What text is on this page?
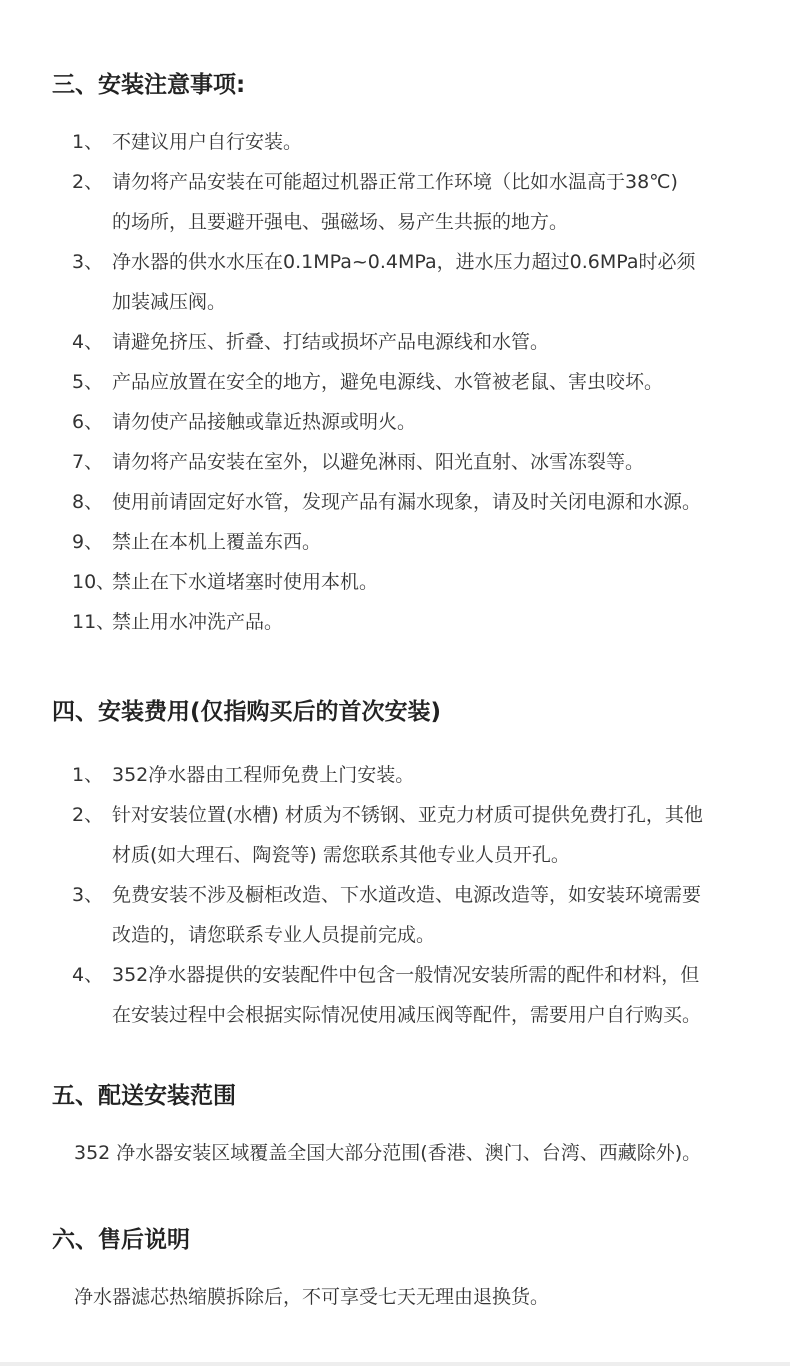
三、安装注意事项:
1、 不建议用户自行安装。
2、 请勿将产品安装在可能超过机器正常工作环境（比如水温高于38℃)
的场所，且要避开强电、强磁场、易产生共振的地方。
3、 净水器的供水水压在0.1MPa~0.4MPa，进水压力超过0.6MPa时必须
加装减压阀。
4、 请避免挤压、折叠、打结或损坏产品电源线和水管。
5、 产品应放置在安全的地方，避免电源线、水管被老鼠、害虫咬坏。
6、 请勿使产品接触或靠近热源或明火。
7、 请勿将产品安装在室外，以避免淋雨、阳光直射、冰雪冻裂等。
8、 使用前请固定好水管，发现产品有漏水现象，请及时关闭电源和水源。
9、 禁止在本机上覆盖东西。
10、
禁止在下水道堵塞时使用本机。
11、
禁止用水冲洗产品。
四、安装费用(仅指购买后的首次安装)
1、 352净水器由工程师免费上门安装。
2、 针对安装位置(水槽) 材质为不锈钢、亚克力材质可提供免费打孔，其他
材质(如大理石、陶瓷等) 需您联系其他专业人员开孔。
3、 免费安装不涉及橱柜改造、下水道改造、电源改造等，如安装环境需要
改造的，请您联系专业人员提前完成。
4、 352净水器提供的安装配件中包含一般情况安装所需的配件和材料，但
在安装过程中会根据实际情况使用减压阀等配件，需要用户自行购买。
五、配送安装范围

352 净水器安装区域覆盖全国大部分范围(香港、澳门、台湾、西藏除外)。

六、售后说明

净水器滤芯热缩膜拆除后，不可享受七天无理由退换货。
